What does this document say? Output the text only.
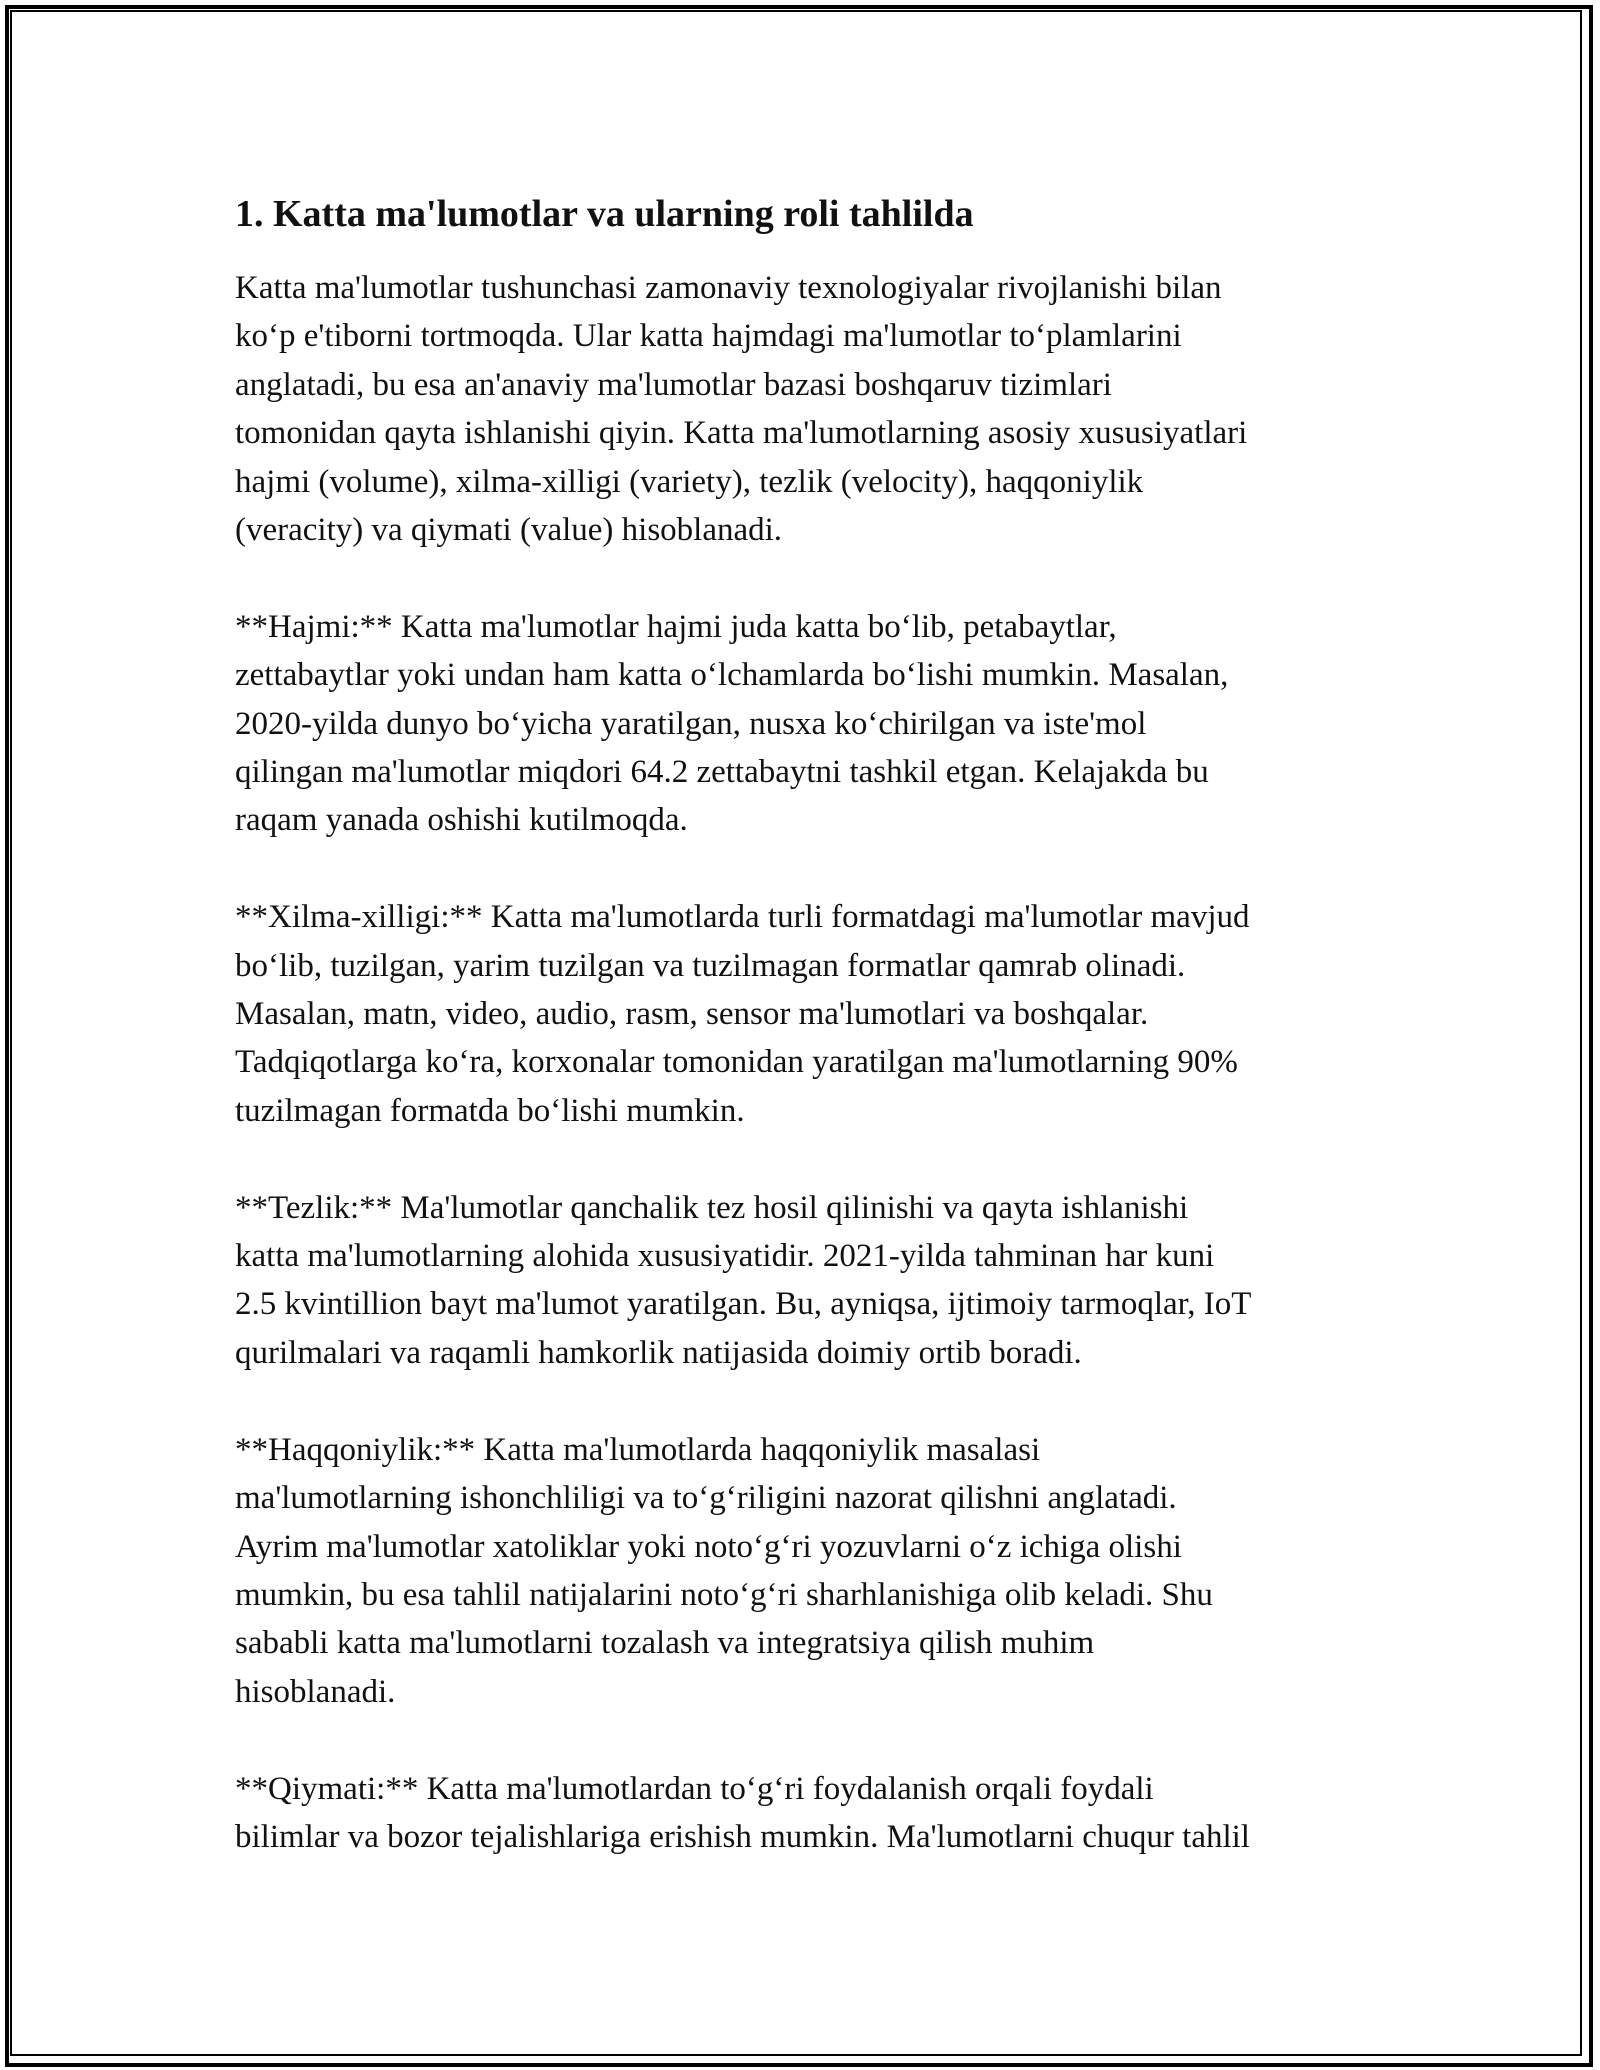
1. Katta ma'lumotlar va ularning roli tahlilda

Katta ma'lumotlar tushunchasi zamonaviy texnologiyalar rivojlanishi bilan
ko‘p e'tiborni tortmoqda. Ular katta hajmdagi ma'lumotlar to‘plamlarini
anglatadi, bu esa an'anaviy ma'lumotlar bazasi boshqaruv tizimlari
tomonidan qayta ishlanishi qiyin. Katta ma'lumotlarning asosiy xususiyatlari
hajmi (volume), xilma-xilligi (variety), tezlik (velocity), haqqoniylik
(veracity) va qiymati (value) hisoblanadi.

**Hajmi:** Katta ma'lumotlar hajmi juda katta bo‘lib, petabaytlar,
zettabaytlar yoki undan ham katta o‘lchamlarda bo‘lishi mumkin. Masalan,
2020-yilda dunyo bo‘yicha yaratilgan, nusxa ko‘chirilgan va iste'mol
qilingan ma'lumotlar miqdori 64.2 zettabaytni tashkil etgan. Kelajakda bu
raqam yanada oshishi kutilmoqda.

**Xilma-xilligi:** Katta ma'lumotlarda turli formatdagi ma'lumotlar mavjud
bo‘lib, tuzilgan, yarim tuzilgan va tuzilmagan formatlar qamrab olinadi.
Masalan, matn, video, audio, rasm, sensor ma'lumotlari va boshqalar.
Tadqiqotlarga ko‘ra, korxonalar tomonidan yaratilgan ma'lumotlarning 90%
tuzilmagan formatda bo‘lishi mumkin.

**Tezlik:** Ma'lumotlar qanchalik tez hosil qilinishi va qayta ishlanishi
katta ma'lumotlarning alohida xususiyatidir. 2021-yilda tahminan har kuni
2.5 kvintillion bayt ma'lumot yaratilgan. Bu, ayniqsa, ijtimoiy tarmoqlar, IoT
qurilmalari va raqamli hamkorlik natijasida doimiy ortib boradi.

**Haqqoniylik:** Katta ma'lumotlarda haqqoniylik masalasi
ma'lumotlarning ishonchliligi va to‘g‘riligini nazorat qilishni anglatadi.
Ayrim ma'lumotlar xatoliklar yoki noto‘g‘ri yozuvlarni o‘z ichiga olishi
mumkin, bu esa tahlil natijalarini noto‘g‘ri sharhlanishiga olib keladi. Shu
sababli katta ma'lumotlarni tozalash va integratsiya qilish muhim
hisoblanadi.

**Qiymati:** Katta ma'lumotlardan to‘g‘ri foydalanish orqali foydali
bilimlar va bozor tejalishlariga erishish mumkin. Ma'lumotlarni chuqur tahlil
